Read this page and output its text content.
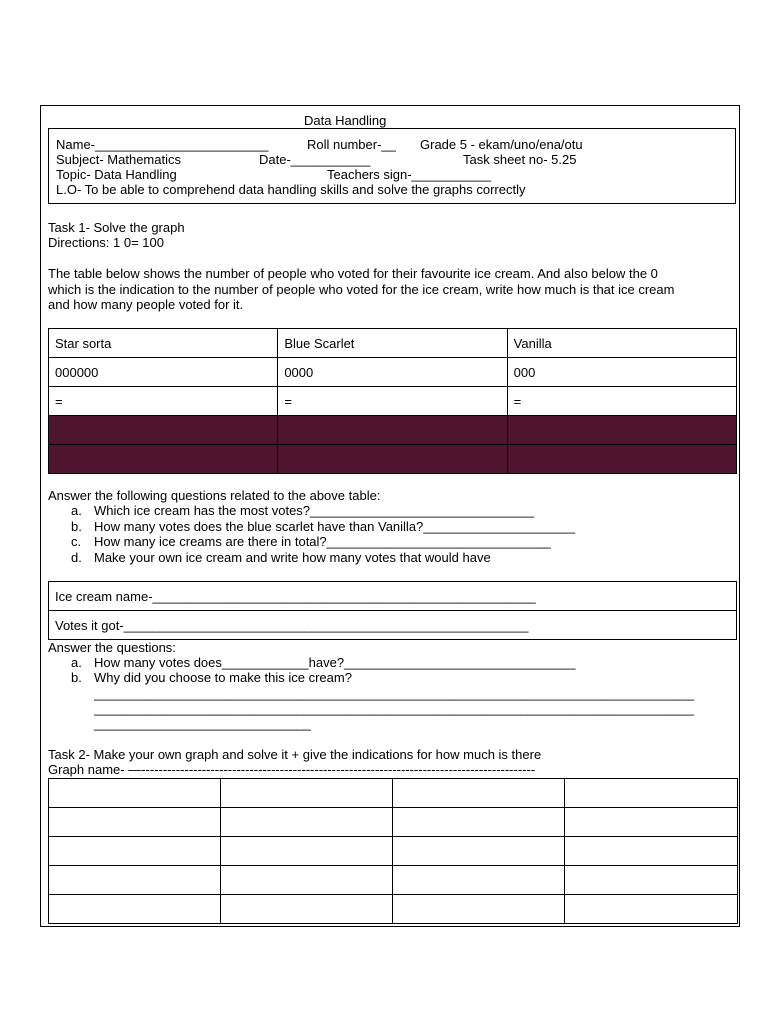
Data Handling
Name-________________________	Roll number-__ Grade 5 - ekam/uno/ena/otu
Subject- Mathematics	Date-___________	Task sheet no- 5.25
Topic- Data Handling	Teachers sign-___________
L.O- To be able to comprehend data handling skills and solve the graphs correctly
Task 1- Solve the graph
Directions: 1 0= 100
The table below shows the number of people who voted for their favourite ice cream. And also below the 0
which is the indication to the number of people who voted for the ice cream, write how much is that ice cream
and how many people voted for it.
Star sorta	Blue Scarlet	Vanilla
000000	0000	000
=	=	=

Answer the following questions related to the above table:
a. Which ice cream has the most votes?_______________________________
b. How many votes does the blue scarlet have than Vanilla?_____________________
c. How many ice creams are there in total?_______________________________
d. Make your own ice cream and write how many votes that would have
Ice cream name-_____________________________________________________
Votes it got-________________________________________________________
Answer the questions:
a. How many votes does____________have?________________________________
b. Why did you choose to make this ice cream?
___________________________________________________________________________________
___________________________________________________________________________________
______________________________
Task 2- Make your own graph and solve it + give the indications for how much is there
Graph name- —-------------------------------------------------------------------------------------------
